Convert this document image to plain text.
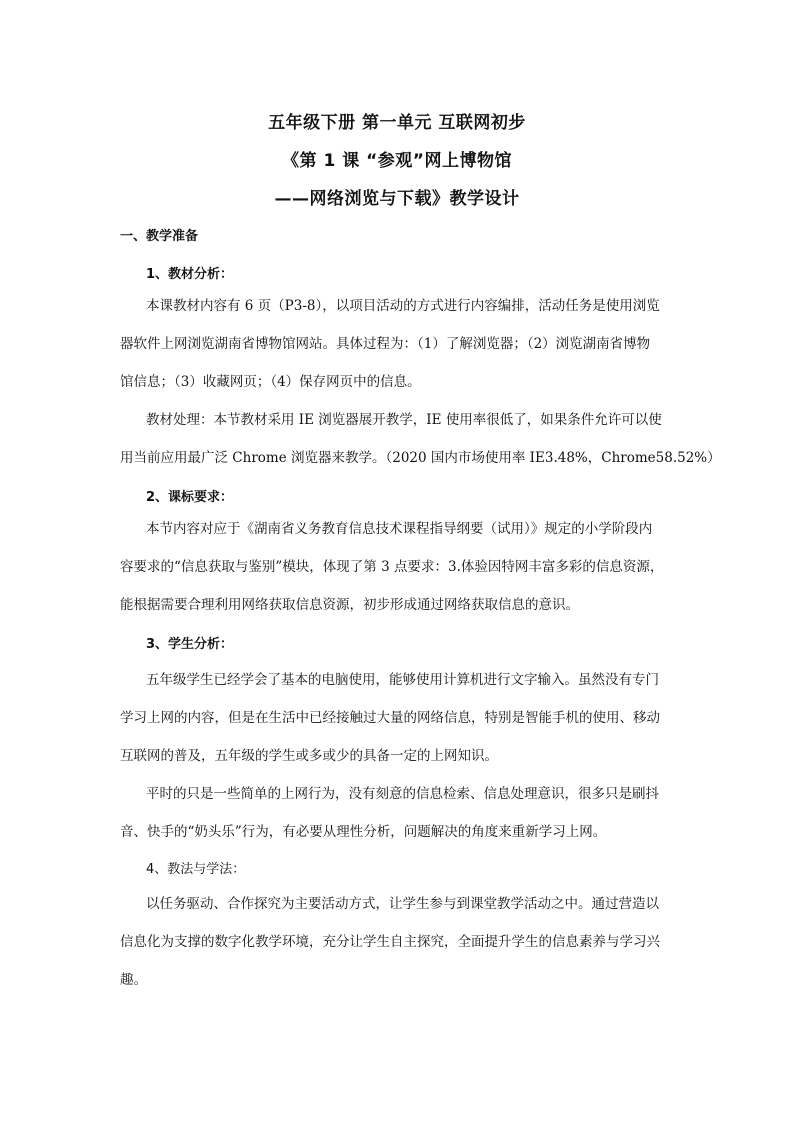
五年级下册 第一单元 互联网初步
《第 1 课 “参观”网上博物馆
——网络浏览与下载》教学设计
一、教学准备
1、教材分析：
本课教材内容有 6 页（P3-8），以项目活动的方式进行内容编排，活动任务是使用浏览
器软件上网浏览湖南省博物馆网站。具体过程为：（1）了解浏览器；（2）浏览湖南省博物
馆信息；（3）收藏网页；（4）保存网页中的信息。
教材处理：本节教材采用 IE 浏览器展开教学，IE 使用率很低了，如果条件允许可以使
用当前应用最广泛 Chrome 浏览器来教学。（2020 国内市场使用率 IE3.48%，Chrome58.52%）
2、课标要求：
本节内容对应于《湖南省义务教育信息技术课程指导纲要（试用）》规定的小学阶段内
容要求的“信息获取与鉴别”模块，体现了第 3 点要求：3.体验因特网丰富多彩的信息资源，
能根据需要合理利用网络获取信息资源，初步形成通过网络获取信息的意识。
3、学生分析：
五年级学生已经学会了基本的电脑使用，能够使用计算机进行文字输入。虽然没有专门
学习上网的内容，但是在生活中已经接触过大量的网络信息，特别是智能手机的使用、移动
互联网的普及，五年级的学生或多或少的具备一定的上网知识。
平时的只是一些简单的上网行为，没有刻意的信息检索、信息处理意识，很多只是刷抖
音、快手的“奶头乐”行为，有必要从理性分析，问题解决的角度来重新学习上网。
4、教法与学法：
以任务驱动、合作探究为主要活动方式，让学生参与到课堂教学活动之中。通过营造以
信息化为支撑的数字化教学环境，充分让学生自主探究，全面提升学生的信息素养与学习兴
趣。
